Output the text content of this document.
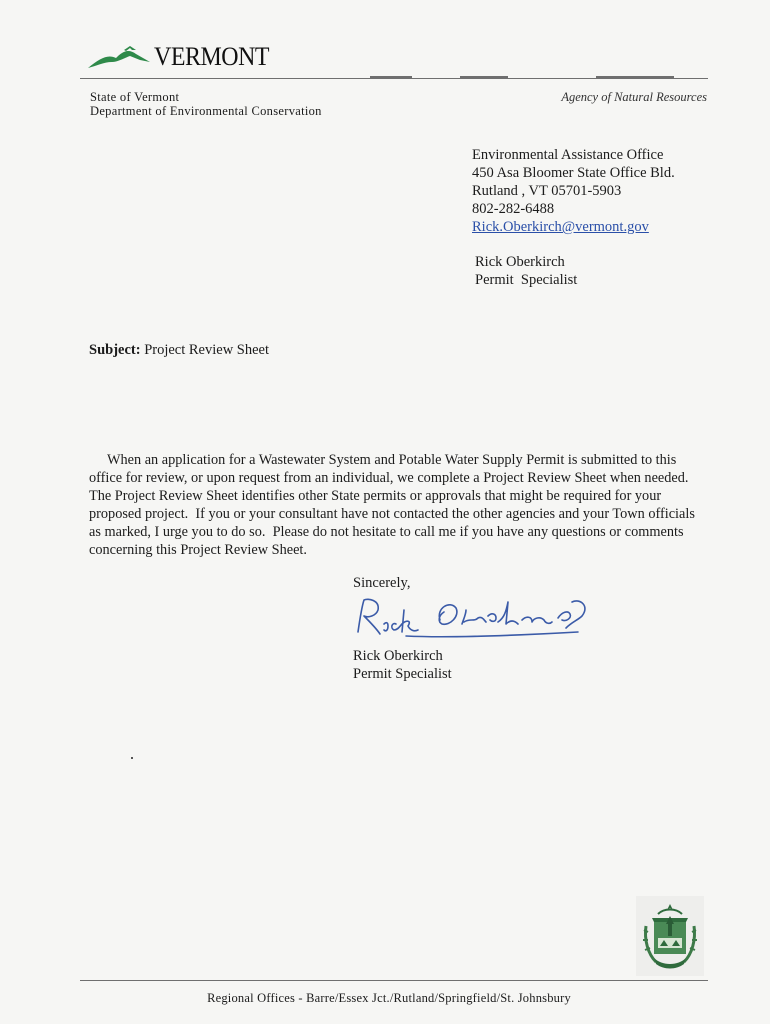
VERMONT
State of Vermont
Department of Environmental Conservation
Agency of Natural Resources
Environmental Assistance Office
450 Asa Bloomer State Office Bld.
Rutland , VT 05701-5903
802-282-6488
Rick.Oberkirch@vermont.gov
Rick Oberkirch
Permit  Specialist
Subject: Project Review Sheet
When an application for a Wastewater System and Potable Water Supply Permit is submitted to this office for review, or upon request from an individual, we complete a Project Review Sheet when needed.  The Project Review Sheet identifies other State permits or approvals that might be required for your proposed project.  If you or your consultant have not contacted the other agencies and your Town officials as marked, I urge you to do so.  Please do not hesitate to call me if you have any questions or comments concerning this Project Review Sheet.
Sincerely,
Rick Oberkirch
Permit Specialist
Regional Offices - Barre/Essex Jct./Rutland/Springfield/St. Johnsbury
